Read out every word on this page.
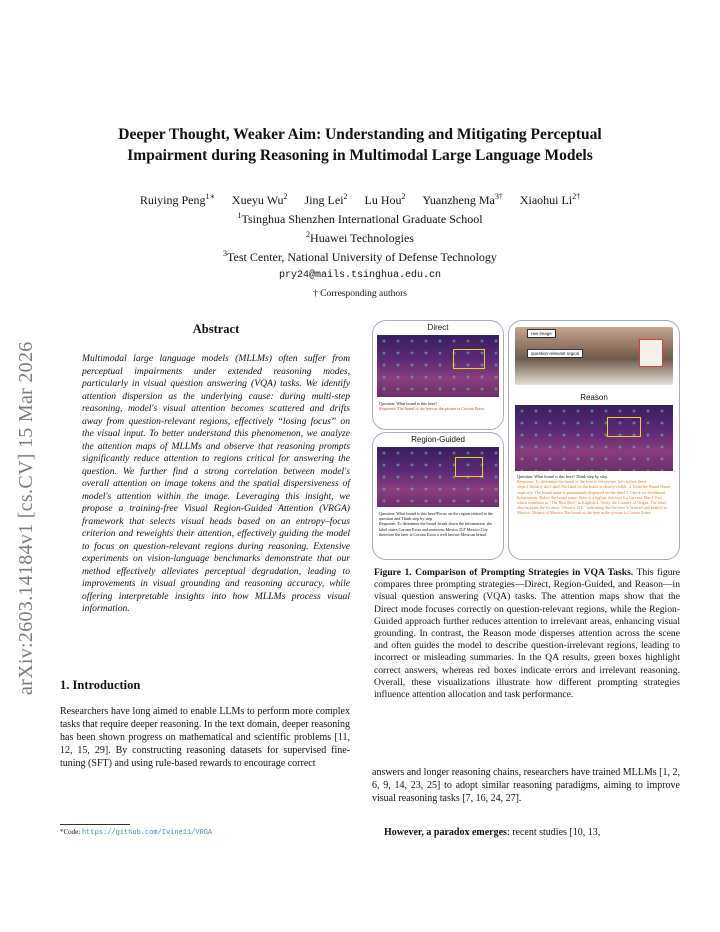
arXiv:2603.14184v1 [cs.CV] 15 Mar 2026
Deeper Thought, Weaker Aim: Understanding and Mitigating Perceptual
Impairment during Reasoning in Multimodal Large Language Models
Ruiying Peng$^{1∗}$ Xueyu Wu$^2$ Jing Lei$^2$ Lu Hou$^2$ Yuanzheng $Ma^{3\dagger}$ Xiaohui $Li^{2\dagger}$
$^1$Tsinghua Shenzhen International Graduate School
$^2$Huawei Technologies
$^3$Test Center, National University of Defense Technology
pry24@mails.tsinghua.edu.cn
† Corresponding authors
Abstract
Multimodal large language models (MLLMs) often suffer from perceptual impairments under extended reasoning modes, particularly in visual question answering (VQA) tasks. We identify attention dispersion as the underlying cause: during multi-step reasoning, model's visual attention becomes scattered and drifts away from question-relevant regions, effectively “losing focus” on the visual input. To better understand this phenomenon, we analyze the attention maps of MLLMs and observe that reasoning prompts significantly reduce attention to regions critical for answering the question. We further find a strong correlation between model's overall attention on image tokens and the spatial dispersiveness of model's attention within the image. Leveraging this insight, we propose a training-free Visual Region-Guided Attention (VRGA) framework that selects visual heads based on an entropy–focus criterion and reweights their attention, effectively guiding the model to focus on question-relevant regions during reasoning. Extensive experiments on vision-language benchmarks demonstrate that our method effectively alleviates perceptual degradation, leading to improvements in visual grounding and reasoning accuracy, while offering interpretable insights into how MLLMs process visual information.
1. Introduction
Researchers have long aimed to enable LLMs to perform more complex tasks that require deeper reasoning. In the text domain, deeper reasoning has been shown progress on mathematical and scientific problems [11, 12, 15, 29]. By constructing reasoning datasets for supervised fine-tuning (SFT) and using rule-based rewards to encourage correct
*Code: https://github.com/Ivine11/VRGA
Direct
Question: What brand is this beer?
Response: The brand of the beer in the picture is Corona Extra.
Region-Guided
Question: What brand is this beer?Focus on the region related to the question and Think step by step
Response: To determine the brand ,break down the information ,the label states Corona Extra and mentions Mexico D.F Mexico City therefore the beer is Corona Extra a well known Mexican brand.
raw image
question-relevant region
Reason
Question: What brand is this beer? Think step by step.
Response: To determine the brand of the beer in the picture, let's follow these steps:1.Identify the Label.The label on the bottle is clearly visible. 2. Read the Brand Name explicitly. The brand name is prominently displayed on the label.3. Check for Additional Information: Below the brand name, there is a tagline that says La Cerveza Mas F Fiel, which translates to "The Best Beer" in English.4. Verify the Country of Origin: The label also includes the location "Mexico, D.F." indicating that the beer is brewed and bottled in Mexico, District of Mexico.The brand of the beer in the picture is Corona Extra.
Figure 1. Comparison of Prompting Strategies in VQA Tasks. This figure compares three prompting strategies—Direct, Region-Guided, and Reason—in visual question answering (VQA) tasks. The attention maps show that the Direct mode focuses correctly on question-relevant regions, while the Region-Guided approach further reduces attention to irrelevant areas, enhancing visual grounding. In contrast, the Reason mode disperses attention across the scene and often guides the model to describe question-irrelevant regions, leading to incorrect or misleading summaries. In the QA results, green boxes highlight correct answers, whereas red boxes indicate errors and irrelevant reasoning. Overall, these visualizations illustrate how different prompting strategies influence attention allocation and task performance.
answers and longer reasoning chains, researchers have trained MLLMs [1, 2, 6, 9, 14, 23, 25] to adopt similar reasoning paradigms, aiming to improve visual reasoning tasks [7, 16, 24, 27].
However, a paradox emerges: recent studies [10, 13,
